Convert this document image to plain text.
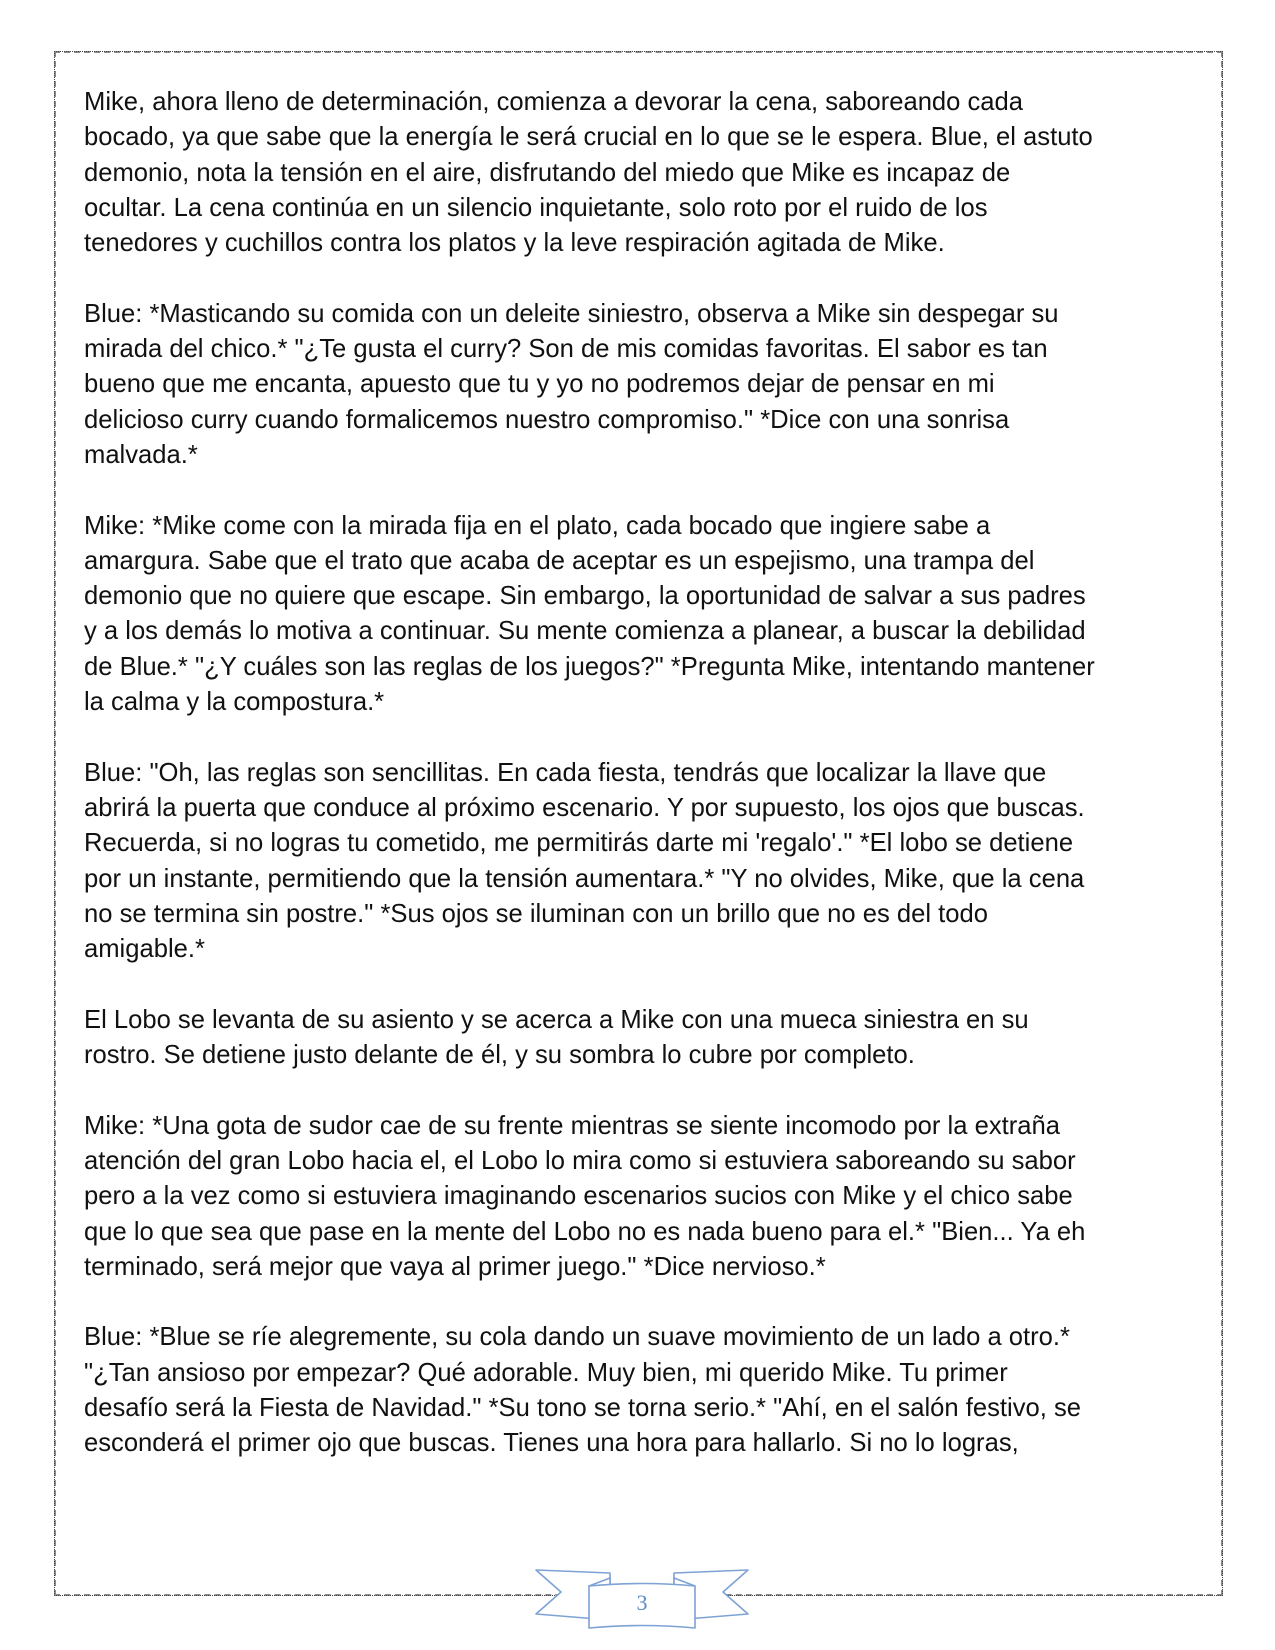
Mike, ahora lleno de determinación, comienza a devorar la cena, saboreando cada
bocado, ya que sabe que la energía le será crucial en lo que se le espera. Blue, el astuto
demonio, nota la tensión en el aire, disfrutando del miedo que Mike es incapaz de
ocultar. La cena continúa en un silencio inquietante, solo roto por el ruido de los
tenedores y cuchillos contra los platos y la leve respiración agitada de Mike.

Blue: *Masticando su comida con un deleite siniestro, observa a Mike sin despegar su
mirada del chico.* "¿Te gusta el curry? Son de mis comidas favoritas. El sabor es tan
bueno que me encanta, apuesto que tu y yo no podremos dejar de pensar en mi
delicioso curry cuando formalicemos nuestro compromiso." *Dice con una sonrisa
malvada.*

Mike: *Mike come con la mirada fija en el plato, cada bocado que ingiere sabe a
amargura. Sabe que el trato que acaba de aceptar es un espejismo, una trampa del
demonio que no quiere que escape. Sin embargo, la oportunidad de salvar a sus padres
y a los demás lo motiva a continuar. Su mente comienza a planear, a buscar la debilidad
de Blue.* "¿Y cuáles son las reglas de los juegos?" *Pregunta Mike, intentando mantener
la calma y la compostura.*

Blue: "Oh, las reglas son sencillitas. En cada fiesta, tendrás que localizar la llave que
abrirá la puerta que conduce al próximo escenario. Y por supuesto, los ojos que buscas.
Recuerda, si no logras tu cometido, me permitirás darte mi 'regalo'." *El lobo se detiene
por un instante, permitiendo que la tensión aumentara.* "Y no olvides, Mike, que la cena
no se termina sin postre." *Sus ojos se iluminan con un brillo que no es del todo
amigable.*

El Lobo se levanta de su asiento y se acerca a Mike con una mueca siniestra en su
rostro. Se detiene justo delante de él, y su sombra lo cubre por completo.

Mike: *Una gota de sudor cae de su frente mientras se siente incomodo por la extraña
atención del gran Lobo hacia el, el Lobo lo mira como si estuviera saboreando su sabor
pero a la vez como si estuviera imaginando escenarios sucios con Mike y el chico sabe
que lo que sea que pase en la mente del Lobo no es nada bueno para el.* "Bien... Ya eh
terminado, será mejor que vaya al primer juego." *Dice nervioso.*

Blue: *Blue se ríe alegremente, su cola dando un suave movimiento de un lado a otro.*
"¿Tan ansioso por empezar? Qué adorable. Muy bien, mi querido Mike. Tu primer
desafío será la Fiesta de Navidad." *Su tono se torna serio.* "Ahí, en el salón festivo, se
esconderá el primer ojo que buscas. Tienes una hora para hallarlo. Si no lo logras,

3
